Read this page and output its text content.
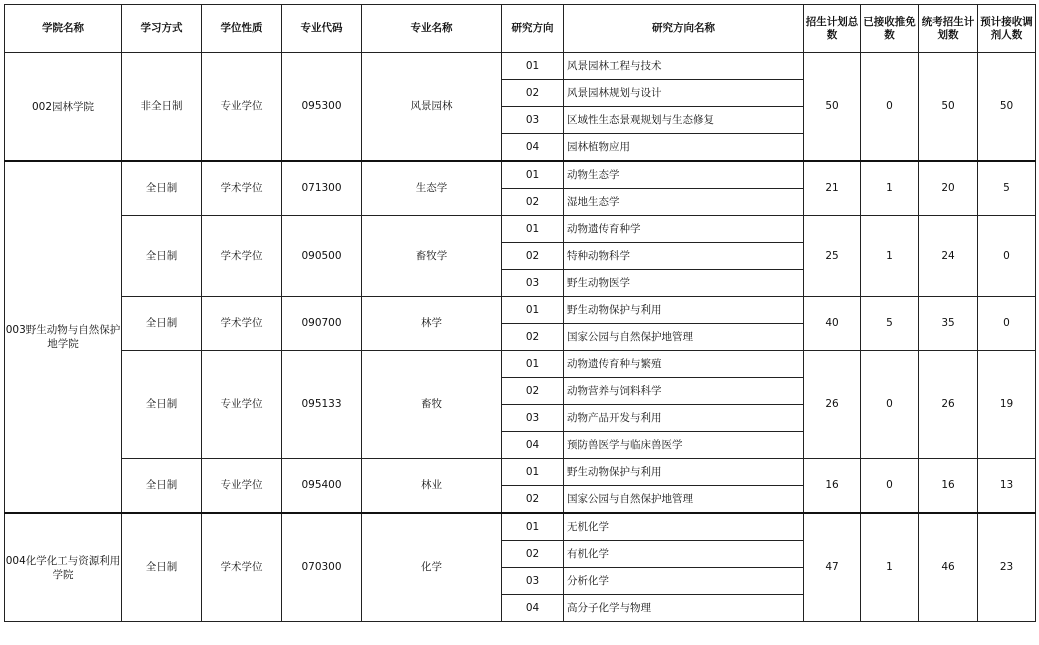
学院名称	学习方式	学位性质	专业代码	专业名称	研究方向	研究方向名称	招生计划总数	已接收推免数	统考招生计划数	预计接收调剂人数
002园林学院	非全日制	专业学位	095300	风景园林	01	风景园林工程与技术	50	0	50	50
					02	风景园林规划与设计				
					03	区域性生态景观规划与生态修复				
					04	园林植物应用				
003野生动物与自然保护地学院	全日制	学术学位	071300	生态学	01	动物生态学	21	1	20	5
					02	湿地生态学				
	全日制	学术学位	090500	畜牧学	01	动物遗传育种学	25	1	24	0
					02	特种动物科学				
					03	野生动物医学				
	全日制	学术学位	090700	林学	01	野生动物保护与利用	40	5	35	0
					02	国家公园与自然保护地管理				
	全日制	专业学位	095133	畜牧	01	动物遗传育种与繁殖	26	0	26	19
					02	动物营养与饲料科学				
					03	动物产品开发与利用				
					04	预防兽医学与临床兽医学				
	全日制	专业学位	095400	林业	01	野生动物保护与利用	16	0	16	13
					02	国家公园与自然保护地管理				
004化学化工与资源利用学院	全日制	学术学位	070300	化学	01	无机化学	47	1	46	23
					02	有机化学				
					03	分析化学				
					04	高分子化学与物理				
